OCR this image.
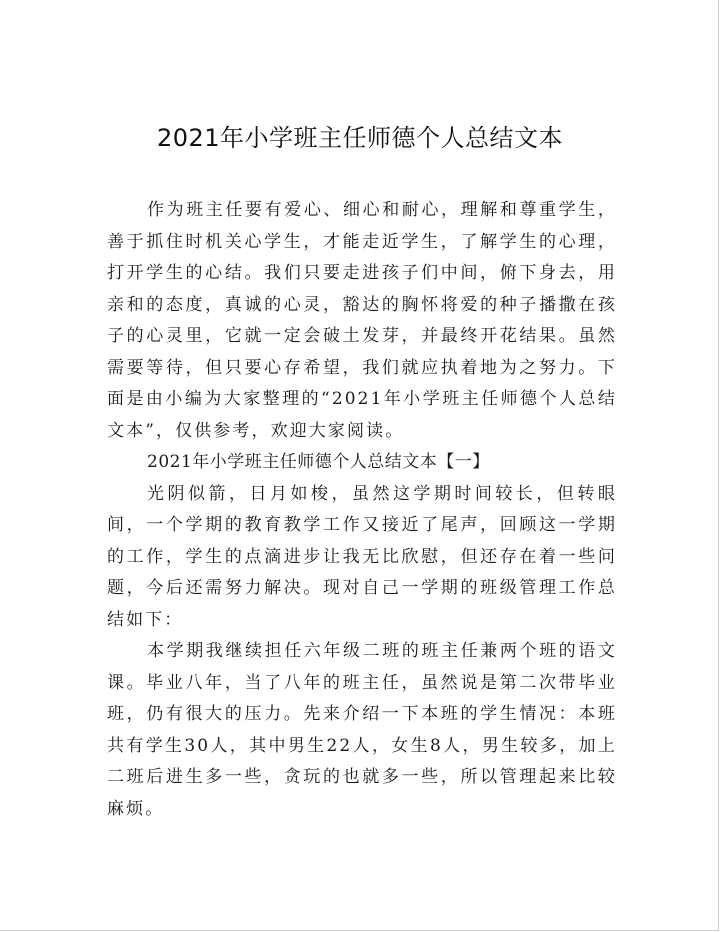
2021年小学班主任师德个人总结文本

作为班主任要有爱心、细心和耐心，理解和尊重学生，善于抓住时机关心学生，才能走近学生，了解学生的心理，打开学生的心结。我们只要走进孩子们中间，俯下身去，用亲和的态度，真诚的心灵，豁达的胸怀将爱的种子播撒在孩子的心灵里，它就一定会破土发芽，并最终开花结果。虽然需要等待，但只要心存希望，我们就应执着地为之努力。下面是由小编为大家整理的“2021年小学班主任师德个人总结文本”，仅供参考，欢迎大家阅读。

2021年小学班主任师德个人总结文本【一】

光阴似箭，日月如梭，虽然这学期时间较长，但转眼间，一个学期的教育教学工作又接近了尾声，回顾这一学期的工作，学生的点滴进步让我无比欣慰，但还存在着一些问题，今后还需努力解决。现对自己一学期的班级管理工作总结如下：

本学期我继续担任六年级二班的班主任兼两个班的语文课。毕业八年，当了八年的班主任，虽然说是第二次带毕业班，仍有很大的压力。先来介绍一下本班的学生情况：本班共有学生30人，其中男生22人，女生8人，男生较多，加上二班后进生多一些，贪玩的也就多一些，所以管理起来比较麻烦。
